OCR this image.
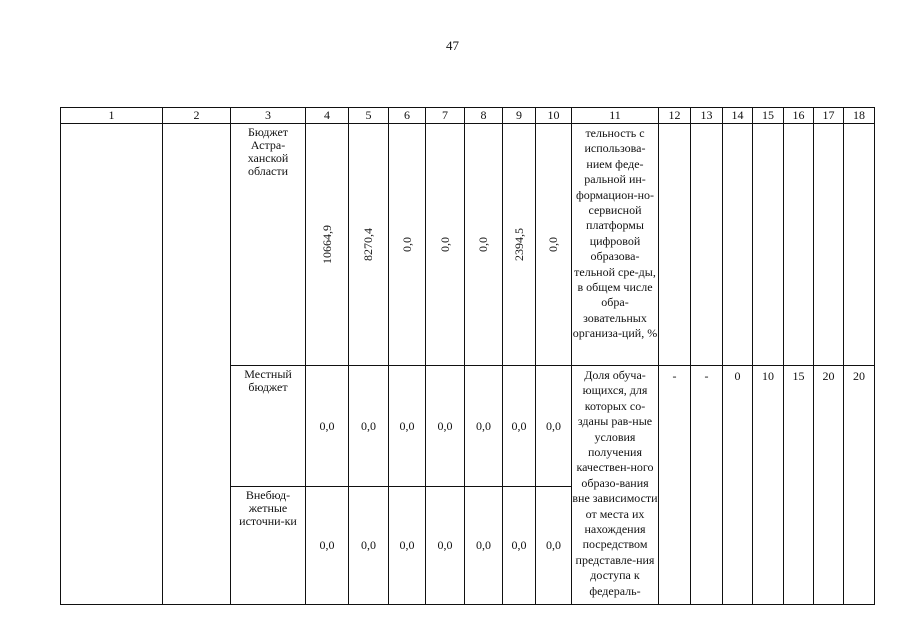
47
1	2	3	4	5	6	7	8	9	10	11	12	13	14	15	16	17	18
		Бюджет Астра-ханской области	10664,9	8270,4	0,0	0,0	0,0	2394,5	0,0	тельность с использова-нием феде-ральной ин-формацион-но-сервисной платформы цифровой образова-тельной сре-ды, в общем числе обра-зовательных организа-ций, %							
		Местный бюджет	0,0	0,0	0,0	0,0	0,0	0,0	0,0	Доля обуча-ющихся, для которых со-зданы рав-ные условия получения качествен-ного образо-вания вне зависимости от места их нахождения посредством представле-ния доступа к федераль-	-	-	0	10	15	20	20
		Внебюд-жетные источни-ки	0,0	0,0	0,0	0,0	0,0	0,0	0,0								
